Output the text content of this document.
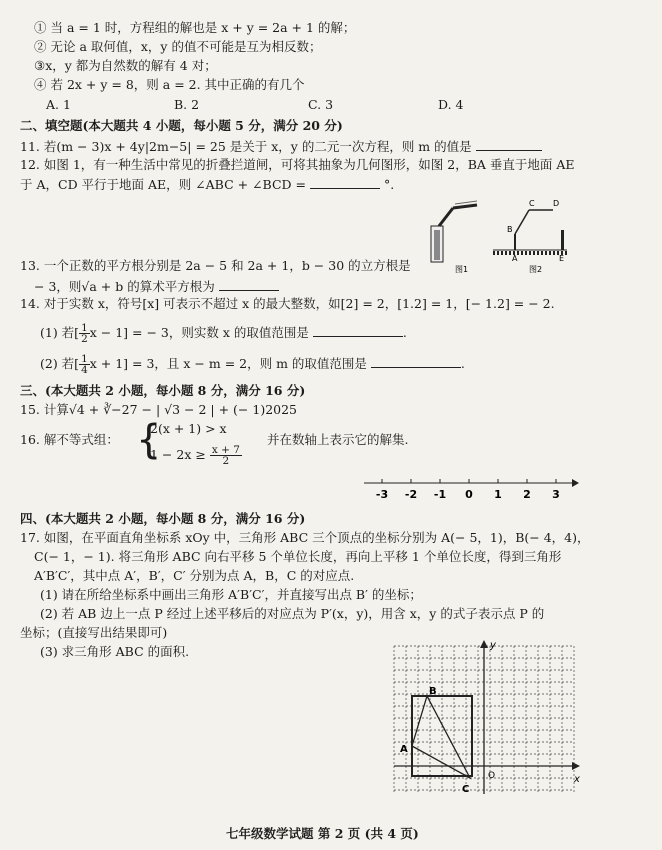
① 当 a = 1 时，方程组的解也是 x + y = 2a + 1 的解；
② 无论 a 取何值，x，y 的值不可能是互为相反数；
③x，y 都为自然数的解有 4 对；
④ 若 2x + y = 8，则 a = 2. 其中正确的有几个
A. 1	B. 2	C. 3	D. 4
二、填空题(本大题共 4 小题，每小题 5 分，满分 20 分)
11. 若(m − 3)x + 4y|2m−5| = 25 是关于 x，y 的二元一次方程，则 m 的值是
12. 如图 1，有一种生活中常见的折叠拦道闸，可将其抽象为几何图形，如图 2，BA 垂直于地面 AE
于 A，CD 平行于地面 AE，则 ∠ABC + ∠BCD =	°.
图1
B
C D
A	E
图2
13. 一个正数的平方根分别是 2a − 5 和 2a + 1，b − 30 的立方根是
− 3，则√a + b 的算术平方根为
14. 对于实数 x，符号[x] 可表示不超过 x 的最大整数，如[2] = 2，[1.2] = 1，[− 1.2] = − 2.
(1) 若[ $\frac{1}{2}$ x − 1] = − 3，则实数 x 的取值范围是	.
(2) 若[ $\frac{1}{4}$ x + 1] = 3，且 x − m = 2，则 m 的取值范围是	.
三、(本大题共 2 小题，每小题 8 分，满分 16 分)
15. 计算√4 + ∛−27 − | √3 − 2 | + (− 1)2025
16. 解不等式组： {
2(x + 1) > x
$1 - 2x \ge \frac{x + 7}{2}$
并在数轴上表示它的解集.
-3 -2 -1 0 1 2 3
四、(本大题共 2 小题，每小题 8 分，满分 16 分)
17. 如图，在平面直角坐标系 xOy 中，三角形 ABC 三个顶点的坐标分别为 A(− 5，1)，B(− 4，4)，
C(− 1，− 1). 将三角形 ABC 向右平移 5 个单位长度，再向上平移 1 个单位长度，得到三角形
A′B′C′，其中点 A′，B′，C′ 分别为点 A，B，C 的对应点.
(1) 请在所给坐标系中画出三角形 A′B′C′，并直接写出点 B′ 的坐标；
(2) 若 AB 边上一点 P 经过上述平移后的对应点为 P′(x，y)，用含 x，y 的式子表示点 P 的
坐标；(直接写出结果即可)
(3) 求三角形 ABC 的面积.	y
x
O
A
B
C
七年级数学试题 第 2 页 (共 4 页)
